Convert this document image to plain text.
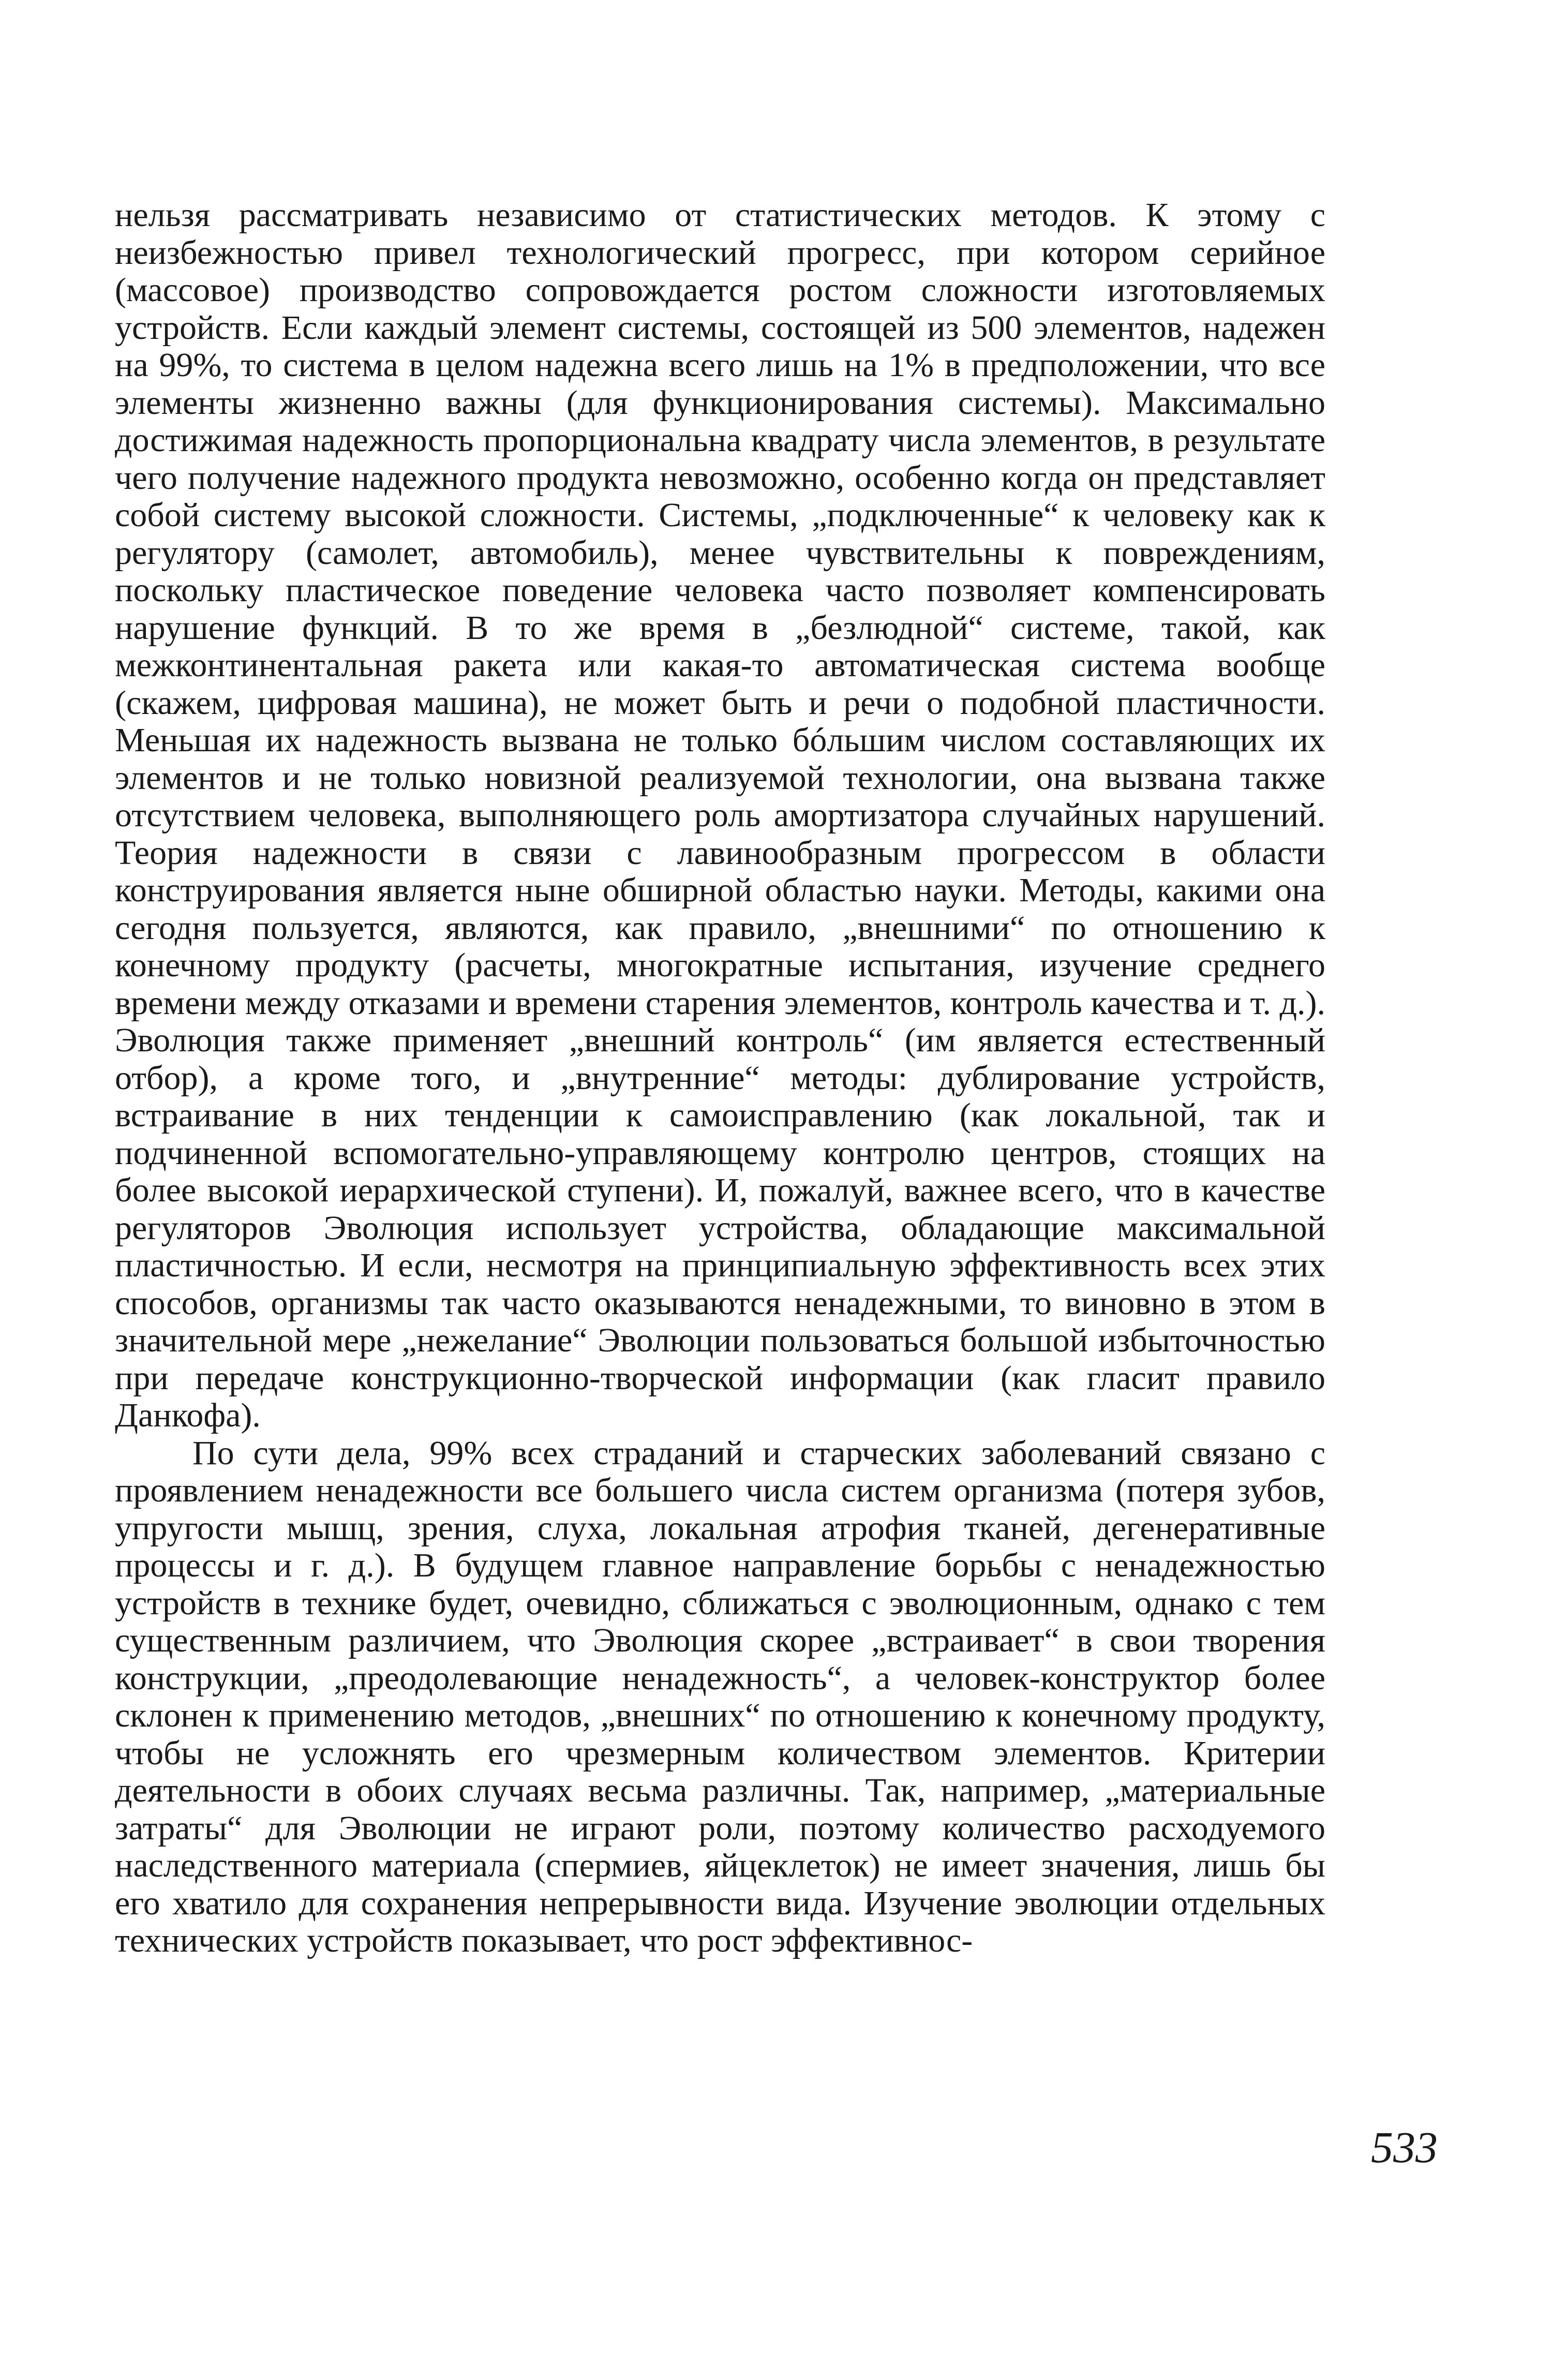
нельзя рассматривать независимо от статистических методов. К этому с неизбежностью привел технологический прогресс, при котором серийное (массовое) производство сопровождается ростом сложности изготовляемых устройств. Если каждый элемент системы, состоящей из 500 элементов, надежен на 99%, то система в целом надежна всего лишь на 1% в предположении, что все элементы жизненно важны (для функционирования системы). Максимально достижимая надежность пропорциональна квадрату числа элементов, в результате чего получение надежного продукта невозможно, особенно когда он представляет собой систему высокой сложности. Системы, „подключенные“ к человеку как к регулятору (самолет, автомобиль), менее чувствительны к повреждениям, поскольку пластическое поведение человека часто позволяет компенсировать нарушение функций. В то же время в „безлюдной“ системе, такой, как межконтинентальная ракета или какая-то автоматическая система вообще (скажем, цифровая машина), не может быть и речи о подобной пластичности. Меньшая их надежность вызвана не только бóльшим числом составляющих их элементов и не только новизной реализуемой технологии, она вызвана также отсутствием человека, выполняющего роль амортизатора случайных нарушений. Теория надежности в связи с лавинообразным прогрессом в области конструирования является ныне обширной областью науки. Методы, какими она сегодня пользуется, являются, как правило, „внешними“ по отношению к конечному продукту (расчеты, многократные испытания, изучение среднего времени между отказами и времени старения элементов, контроль качества и т. д.). Эволюция также применяет „внешний контроль“ (им является естественный отбор), а кроме того, и „внутренние“ методы: дублирование устройств, встраивание в них тенденции к самоисправлению (как локальной, так и подчиненной вспомогательно-управляющему контролю центров, стоящих на более высокой иерархической ступени). И, пожалуй, важнее всего, что в качестве регуляторов Эволюция использует устройства, обладающие максимальной пластичностью. И если, несмотря на принципиальную эффективность всех этих способов, организмы так часто оказываются ненадежными, то виновно в этом в значительной мере „нежелание“ Эволюции пользоваться большой избыточностью при передаче конструкционно-творческой информации (как гласит правило Данкофа).

По сути дела, 99% всех страданий и старческих заболеваний связано с проявлением ненадежности все большего числа систем организма (потеря зубов, упругости мышц, зрения, слуха, локальная атрофия тканей, дегенеративные процессы и г. д.). В будущем главное направление борьбы с ненадежностью устройств в технике будет, очевидно, сближаться с эволюционным, однако с тем существенным различием, что Эволюция скорее „встраивает“ в свои творения конструкции, „преодолевающие ненадежность“, а человек-конструктор более склонен к применению методов, „внешних“ по отношению к конечному продукту, чтобы не усложнять его чрезмерным количеством элементов. Критерии деятельности в обоих случаях весьма различны. Так, например, „материальные затраты“ для Эволюции не играют роли, поэтому количество расходуемого наследственного материала (спермиев, яйцеклеток) не имеет значения, лишь бы его хватило для сохранения непрерывности вида. Изучение эволюции отдельных технических устройств показывает, что рост эффективнос-

533
